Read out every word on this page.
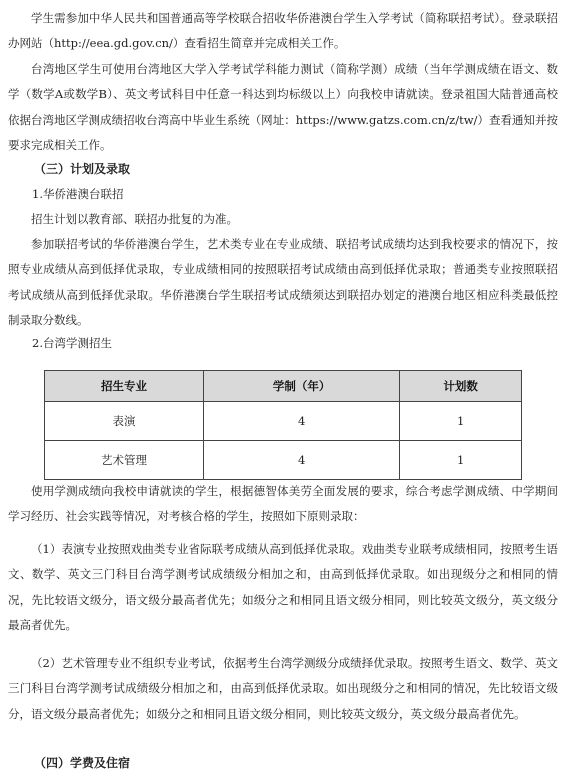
学生需参加中华人民共和国普通高等学校联合招收华侨港澳台学生入学考试（简称联招考试）。登录联招办网站（http://eea.gd.gov.cn/）查看招生简章并完成相关工作。

台湾地区学生可使用台湾地区大学入学考试学科能力测试（简称学测）成绩（当年学测成绩在语文、数学（数学A或数学B）、英文考试科目中任意一科达到均标级以上）向我校申请就读。登录祖国大陆普通高校依据台湾地区学测成绩招收台湾高中毕业生系统（网址：https://www.gatzs.com.cn/z/tw/）查看通知并按要求完成相关工作。

（三）计划及录取

1.华侨港澳台联招

招生计划以教育部、联招办批复的为准。

参加联招考试的华侨港澳台学生，艺术类专业在专业成绩、联招考试成绩均达到我校要求的情况下，按照专业成绩从高到低择优录取，专业成绩相同的按照联招考试成绩由高到低择优录取；普通类专业按照联招考试成绩从高到低择优录取。华侨港澳台学生联招考试成绩须达到联招办划定的港澳台地区相应科类最低控制录取分数线。

2.台湾学测招生

招生专业	学制（年）	计划数
表演	4	1
艺术管理	4	1

使用学测成绩向我校申请就读的学生，根据德智体美劳全面发展的要求，综合考虑学测成绩、中学期间学习经历、社会实践等情况，对考核合格的学生，按照如下原则录取：

（1）表演专业按照戏曲类专业省际联考成绩从高到低择优录取。戏曲类专业联考成绩相同，按照考生语文、数学、英文三门科目台湾学测考试成绩级分相加之和，由高到低择优录取。如出现级分之和相同的情况，先比较语文级分，语文级分最高者优先；如级分之和相同且语文级分相同，则比较英文级分，英文级分最高者优先。

（2）艺术管理专业不组织专业考试，依据考生台湾学测级分成绩择优录取。按照考生语文、数学、英文三门科目台湾学测考试成绩级分相加之和，由高到低择优录取。如出现级分之和相同的情况，先比较语文级分，语文级分最高者优先；如级分之和相同且语文级分相同，则比较英文级分，英文级分最高者优先。

（四）学费及住宿
